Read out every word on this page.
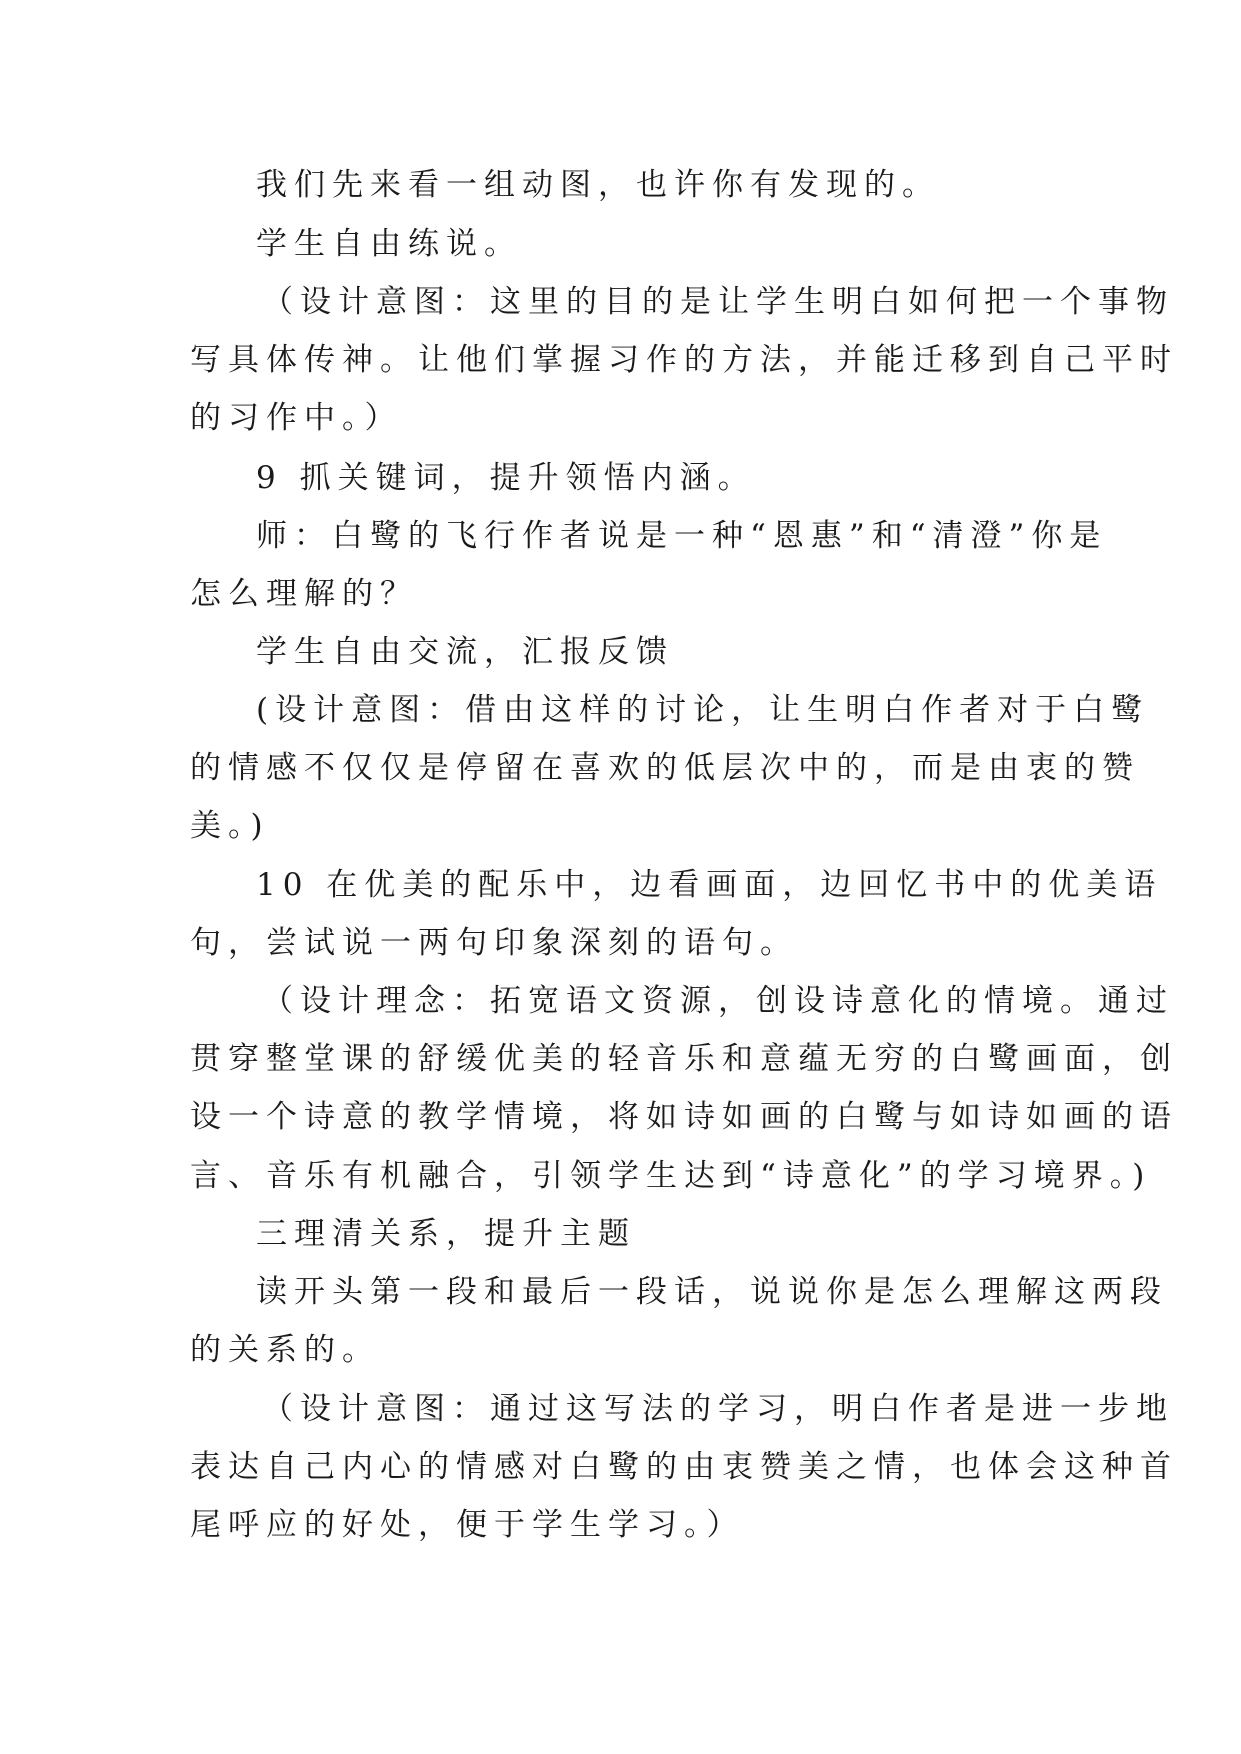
我们先来看一组动图，也许你有发现的。
学生自由练说。
（设计意图：这里的目的是让学生明白如何把一个事物
写具体传神。让他们掌握习作的方法，并能迁移到自己平时
的习作中。）
9 抓关键词，提升领悟内涵。
师：白鹭的飞行作者说是一种“恩惠”和“清澄”你是
怎么理解的？
学生自由交流，汇报反馈
(设计意图：借由这样的讨论，让生明白作者对于白鹭
的情感不仅仅是停留在喜欢的低层次中的，而是由衷的赞
美。)
10 在优美的配乐中，边看画面，边回忆书中的优美语
句，尝试说一两句印象深刻的语句。
（设计理念：拓宽语文资源，创设诗意化的情境。通过
贯穿整堂课的舒缓优美的轻音乐和意蕴无穷的白鹭画面，创
设一个诗意的教学情境，将如诗如画的白鹭与如诗如画的语
言、音乐有机融合，引领学生达到“诗意化”的学习境界。)
三理清关系，提升主题
读开头第一段和最后一段话，说说你是怎么理解这两段
的关系的。
（设计意图：通过这写法的学习，明白作者是进一步地
表达自己内心的情感对白鹭的由衷赞美之情，也体会这种首
尾呼应的好处，便于学生学习。）
